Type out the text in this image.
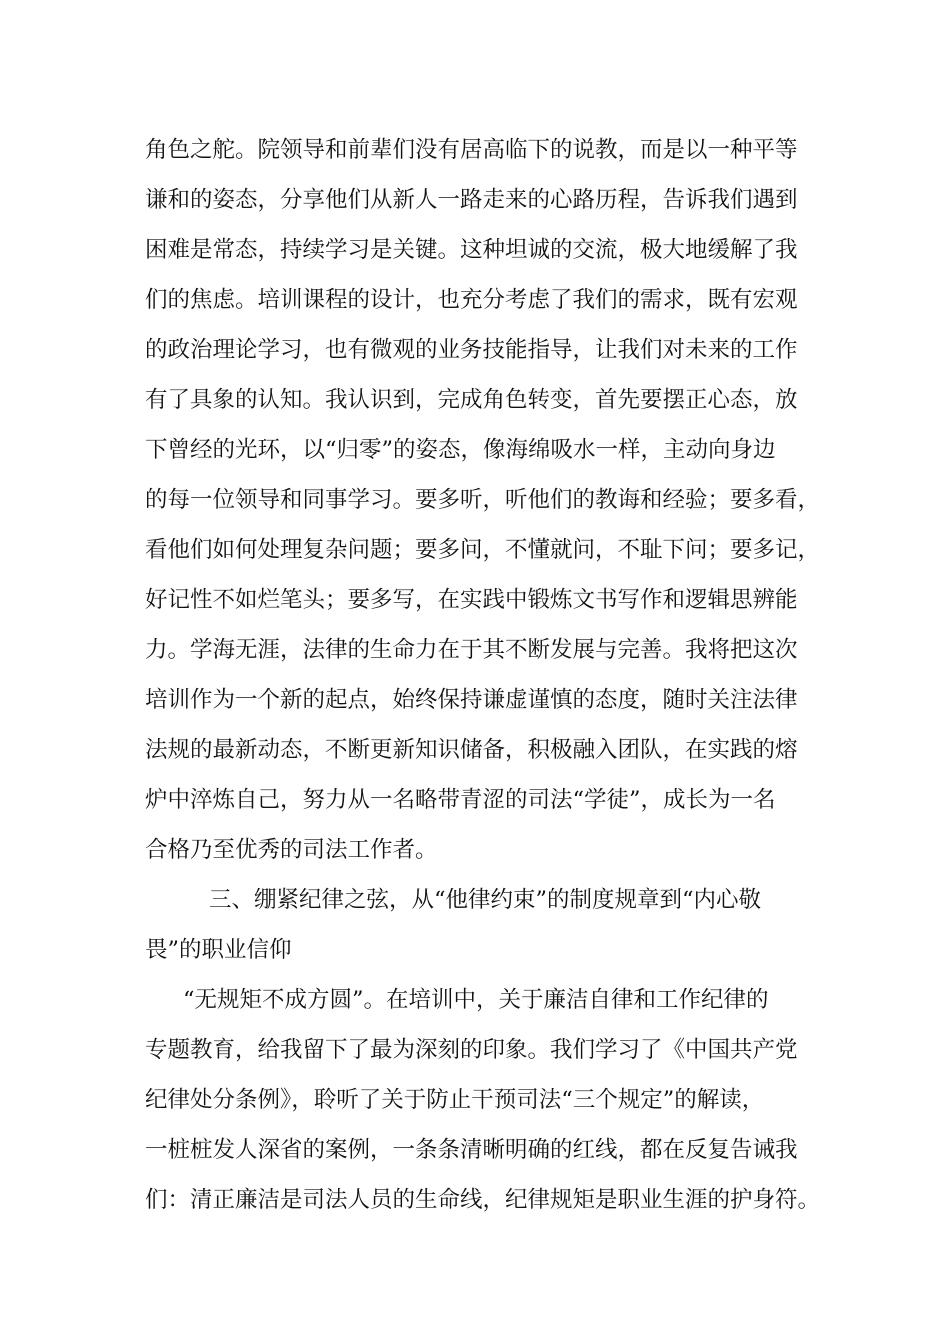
角色之舵。院领导和前辈们没有居高临下的说教，而是以一种平等
谦和的姿态，分享他们从新人一路走来的心路历程，告诉我们遇到
困难是常态，持续学习是关键。这种坦诚的交流，极大地缓解了我
们的焦虑。培训课程的设计，也充分考虑了我们的需求，既有宏观
的政治理论学习，也有微观的业务技能指导，让我们对未来的工作
有了具象的认知。我认识到，完成角色转变，首先要摆正心态，放
下曾经的光环，以“归零”的姿态，像海绵吸水一样，主动向身边
的每一位领导和同事学习。要多听，听他们的教诲和经验；要多看，
看他们如何处理复杂问题；要多问，不懂就问，不耻下问；要多记，
好记性不如烂笔头；要多写，在实践中锻炼文书写作和逻辑思辨能
力。学海无涯，法律的生命力在于其不断发展与完善。我将把这次
培训作为一个新的起点，始终保持谦虚谨慎的态度，随时关注法律
法规的最新动态，不断更新知识储备，积极融入团队，在实践的熔
炉中淬炼自己，努力从一名略带青涩的司法“学徒”，成长为一名
合格乃至优秀的司法工作者。
三、绷紧纪律之弦，从“他律约束”的制度规章到“内心敬
畏”的职业信仰
“无规矩不成方圆”。在培训中，关于廉洁自律和工作纪律的
专题教育，给我留下了最为深刻的印象。我们学习了《中国共产党
纪律处分条例》，聆听了关于防止干预司法“三个规定”的解读，
一桩桩发人深省的案例，一条条清晰明确的红线，都在反复告诫我
们：清正廉洁是司法人员的生命线，纪律规矩是职业生涯的护身符。
